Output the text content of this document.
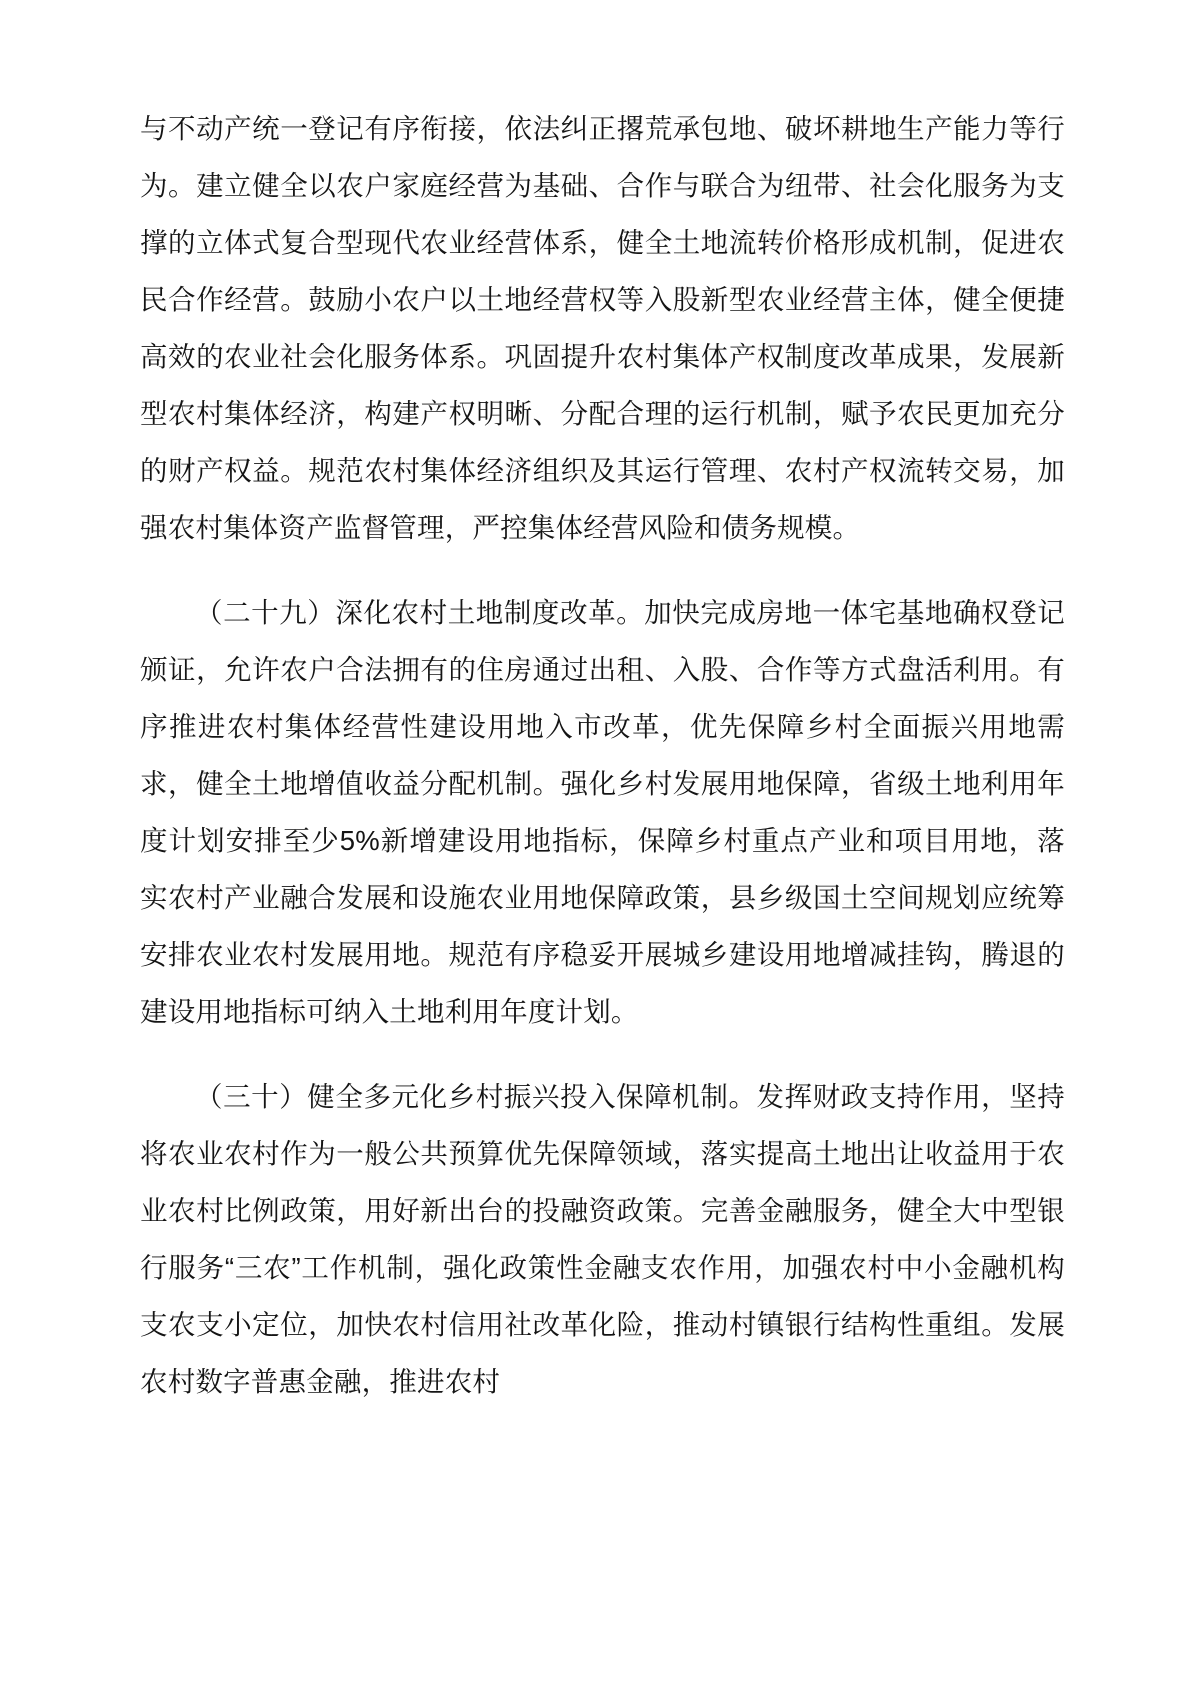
与不动产统一登记有序衔接，依法纠正撂荒承包地、破坏耕地生产能力等行为。建立健全以农户家庭经营为基础、合作与联合为纽带、社会化服务为支撑的立体式复合型现代农业经营体系，健全土地流转价格形成机制，促进农民合作经营。鼓励小农户以土地经营权等入股新型农业经营主体，健全便捷高效的农业社会化服务体系。巩固提升农村集体产权制度改革成果，发展新型农村集体经济，构建产权明晰、分配合理的运行机制，赋予农民更加充分的财产权益。规范农村集体经济组织及其运行管理、农村产权流转交易，加强农村集体资产监督管理，严控集体经营风险和债务规模。

（二十九）深化农村土地制度改革。加快完成房地一体宅基地确权登记颁证，允许农户合法拥有的住房通过出租、入股、合作等方式盘活利用。有序推进农村集体经营性建设用地入市改革，优先保障乡村全面振兴用地需求，健全土地增值收益分配机制。强化乡村发展用地保障，省级土地利用年度计划安排至少5%新增建设用地指标，保障乡村重点产业和项目用地，落实农村产业融合发展和设施农业用地保障政策，县乡级国土空间规划应统筹安排农业农村发展用地。规范有序稳妥开展城乡建设用地增减挂钩，腾退的建设用地指标可纳入土地利用年度计划。

（三十）健全多元化乡村振兴投入保障机制。发挥财政支持作用，坚持将农业农村作为一般公共预算优先保障领域，落实提高土地出让收益用于农业农村比例政策，用好新出台的投融资政策。完善金融服务，健全大中型银行服务“三农”工作机制，强化政策性金融支农作用，加强农村中小金融机构支农支小定位，加快农村信用社改革化险，推动村镇银行结构性重组。发展农村数字普惠金融，推进农村
